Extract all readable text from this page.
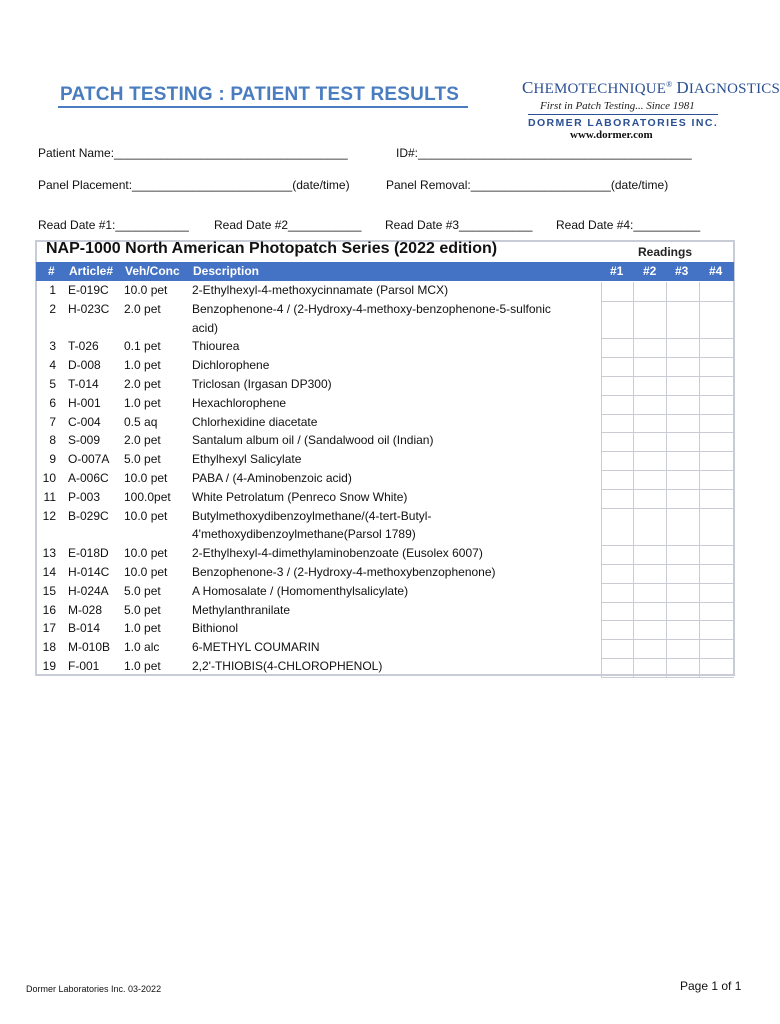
PATCH TESTING : PATIENT TEST RESULTS	CHEMOTECHNIQUE® DIAGNOSTICS
First in Patch Testing... Since 1981
DORMER LABORATORIES INC.
www.dormer.com
Patient Name:___________________________________	ID#:_________________________________________
Panel Placement:________________________(date/time)	Panel Removal:_____________________(date/time)
Read Date #1:___________ Read Date #2___________ Read Date #3___________ Read Date #4:__________
NAP-1000 North American Photopatch Series (2022 edition)	Readings
# Article# Veh/Conc Description	#1 #2 #3 #4
1 E-019C 10.0 pet 2-Ethylhexyl-4-methoxycinnamate (Parsol MCX)
2 H-023C 2.0 pet	Benzophenone-4 / (2-Hydroxy-4-methoxy-benzophenone-5-sulfonic
acid)
3 T-026 0.1 pet	Thiourea
4 D-008 1.0 pet	Dichlorophene
5 T-014 2.0 pet	Triclosan (Irgasan DP300)
6 H-001 1.0 pet	Hexachlorophene
7 C-004 0.5 aq	Chlorhexidine diacetate
8 S-009 2.0 pet	Santalum album oil / (Sandalwood oil (Indian)
9 O-007A 5.0 pet	Ethylhexyl Salicylate
10 A-006C 10.0 pet PABA / (4-Aminobenzoic acid)
11 P-003 100.0pet White Petrolatum (Penreco Snow White)
12 B-029C 10.0 pet Butylmethoxydibenzoylmethane/(4-tert-Butyl-
4'methoxydibenzoylmethane(Parsol 1789)
13 E-018D 10.0 pet 2-Ethylhexyl-4-dimethylaminobenzoate (Eusolex 6007)
14 H-014C 10.0 pet Benzophenone-3 / (2-Hydroxy-4-methoxybenzophenone)
15 H-024A 5.0 pet	A Homosalate / (Homomenthylsalicylate)
16 M-028 5.0 pet	Methylanthranilate
17 B-014 1.0 pet	Bithionol
18 M-010B 1.0 alc	6-METHYL COUMARIN
19 F-001 1.0 pet	2,2'-THIOBIS(4-CHLOROPHENOL)
Dormer Laboratories Inc. 03-2022	Page 1 of 1
